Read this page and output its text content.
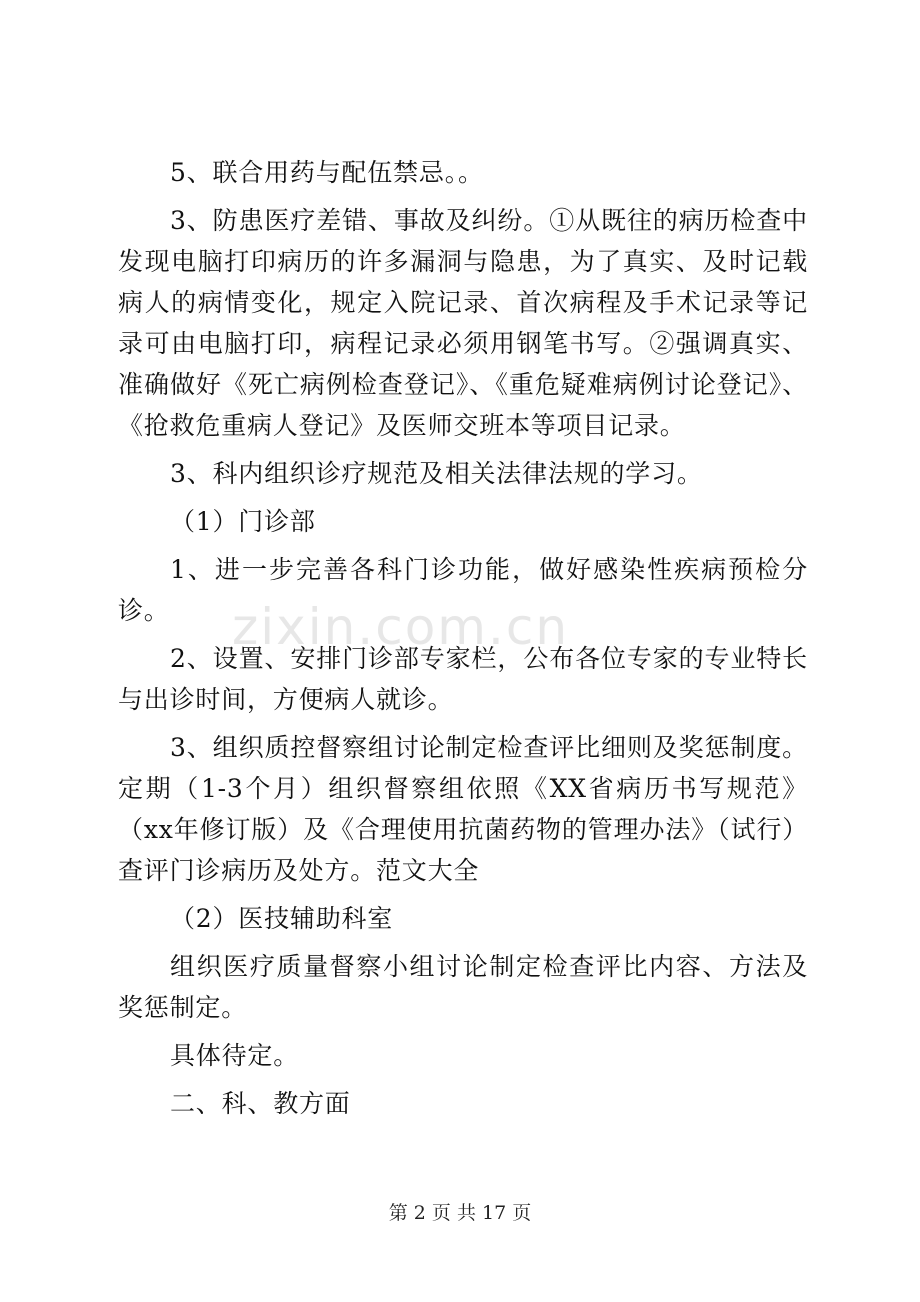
zixin.com.cn

5、联合用药与配伍禁忌。。

3、防患医疗差错、事故及纠纷。①从既往的病历检查中发现电脑打印病历的许多漏洞与隐患，为了真实、及时记载病人的病情变化，规定入院记录、首次病程及手术记录等记录可由电脑打印，病程记录必须用钢笔书写。②强调真实、准确做好《死亡病例检查登记》、《重危疑难病例讨论登记》、《抢救危重病人登记》及医师交班本等项目记录。

3、科内组织诊疗规范及相关法律法规的学习。

（1）门诊部

1、进一步完善各科门诊功能，做好感染性疾病预检分诊。

2、设置、安排门诊部专家栏，公布各位专家的专业特长与出诊时间，方便病人就诊。

3、组织质控督察组讨论制定检查评比细则及奖惩制度。定期（1-3个月）组织督察组依照《XX省病历书写规范》（xx年修订版）及《合理使用抗菌药物的管理办法》（试行）查评门诊病历及处方。范文大全

（2）医技辅助科室

组织医疗质量督察小组讨论制定检查评比内容、方法及奖惩制定。

具体待定。

二、科、教方面

第 2 页 共 17 页
